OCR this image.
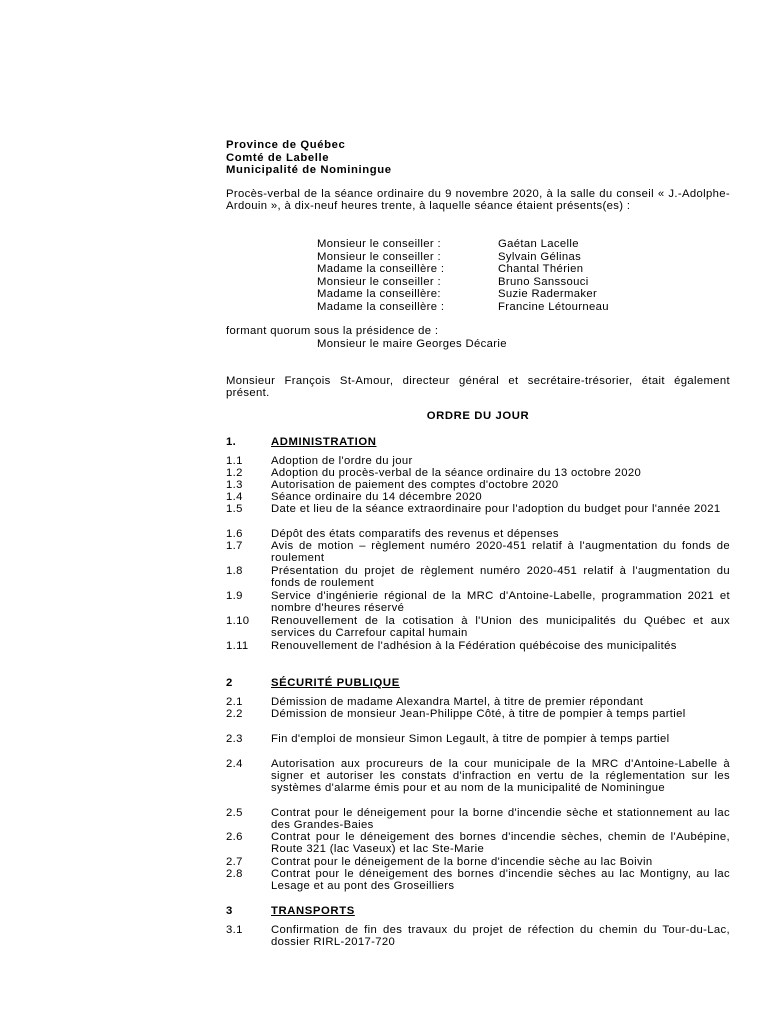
Province de Québec
Comté de Labelle
Municipalité de Nominingue
Procès-verbal de la séance ordinaire du 9 novembre 2020, à la salle du conseil « J.-Adolphe-Ardouin », à dix-neuf heures trente, à laquelle séance étaient présents(es) :
Monsieur le conseiller :	Gaétan Lacelle
Monsieur le conseiller :	Sylvain Gélinas
Madame la conseillère :	Chantal Thérien
Monsieur le conseiller :	Bruno Sanssouci
Madame la conseillère:	Suzie Radermaker
Madame la conseillère :	Francine Létourneau
formant quorum sous la présidence de :
Monsieur le maire Georges Décarie
Monsieur François St-Amour, directeur général et secrétaire-trésorier, était également présent.
ORDRE DU JOUR
1.	ADMINISTRATION
1.1 Adoption de l'ordre du jour
1.2 Adoption du procès-verbal de la séance ordinaire du 13 octobre 2020
1.3 Autorisation de paiement des comptes d'octobre 2020
1.4 Séance ordinaire du 14 décembre 2020
1.5 Date et lieu de la séance extraordinaire pour l'adoption du budget pour l'année 2021
1.6 Dépôt des états comparatifs des revenus et dépenses
1.7 Avis de motion – règlement numéro 2020-451 relatif à l'augmentation du fonds de roulement
1.8 Présentation du projet de règlement numéro 2020-451 relatif à l'augmentation du fonds de roulement
1.9 Service d'ingénierie régional de la MRC d'Antoine-Labelle, programmation 2021 et nombre d'heures réservé
1.10 Renouvellement de la cotisation à l'Union des municipalités du Québec et aux services du Carrefour capital humain
1.11 Renouvellement de l'adhésion à la Fédération québécoise des municipalités
2	SÉCURITÉ PUBLIQUE
2.1 Démission de madame Alexandra Martel, à titre de premier répondant
2.2 Démission de monsieur Jean-Philippe Côté, à titre de pompier à temps partiel
2.3 Fin d'emploi de monsieur Simon Legault, à titre de pompier à temps partiel
2.4 Autorisation aux procureurs de la cour municipale de la MRC d'Antoine-Labelle à signer et autoriser les constats d'infraction en vertu de la réglementation sur les systèmes d'alarme émis pour et au nom de la municipalité de Nominingue
2.5 Contrat pour le déneigement pour la borne d'incendie sèche et stationnement au lac des Grandes-Baies
2.6 Contrat pour le déneigement des bornes d'incendie sèches, chemin de l'Aubépine, Route 321 (lac Vaseux) et lac Ste-Marie
2.7 Contrat pour le déneigement de la borne d'incendie sèche au lac Boivin
2.8 Contrat pour le déneigement des bornes d'incendie sèches au lac Montigny, au lac Lesage et au pont des Groseilliers
3	TRANSPORTS
3.1 Confirmation de fin des travaux du projet de réfection du chemin du Tour-du-Lac, dossier RIRL-2017-720
